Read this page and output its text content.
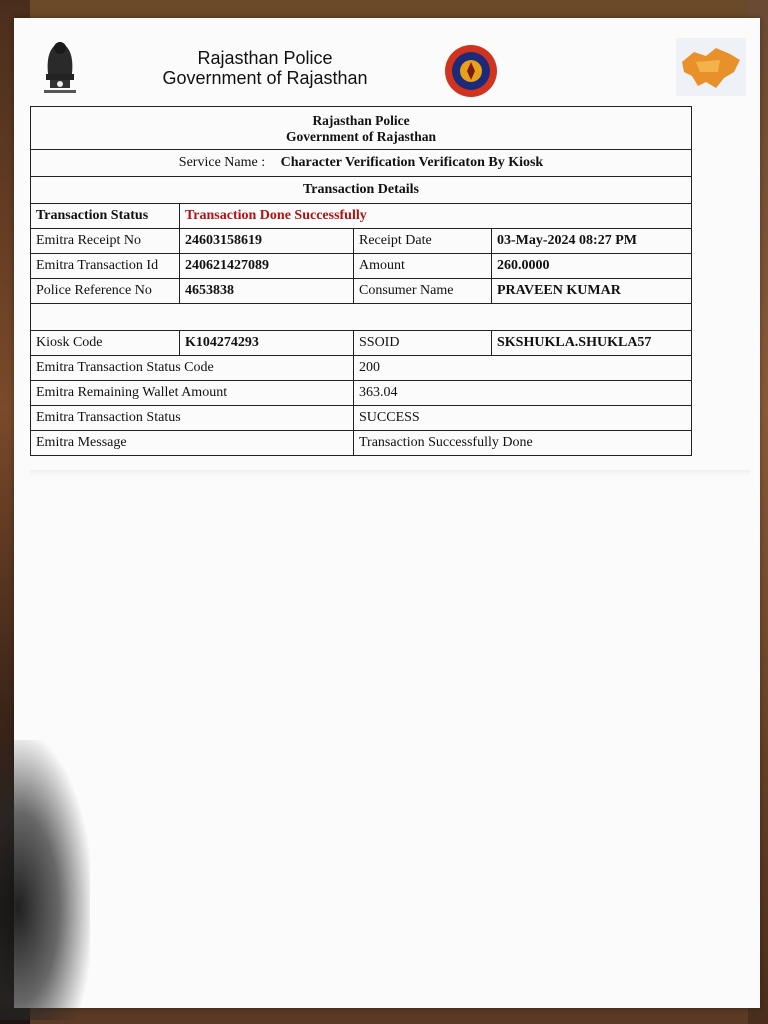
Rajasthan Police
Government of Rajasthan
Rajasthan Police
Government of Rajasthan
Service Name : Character Verification Verificaton By Kiosk
Transaction Details
Transaction Status	Transaction Done Successfully
Emitra Receipt No	24603158619	Receipt Date	03-May-2024 08:27 PM
Emitra Transaction Id	240621427089	Amount	260.0000
Police Reference No	4653838	Consumer Name	PRAVEEN KUMAR
Kiosk Code	K104274293	SSOID	SKSHUKLA.SHUKLA57
Emitra Transaction Status Code	200
Emitra Remaining Wallet Amount	363.04
Emitra Transaction Status	SUCCESS
Emitra Message	Transaction Successfully Done
